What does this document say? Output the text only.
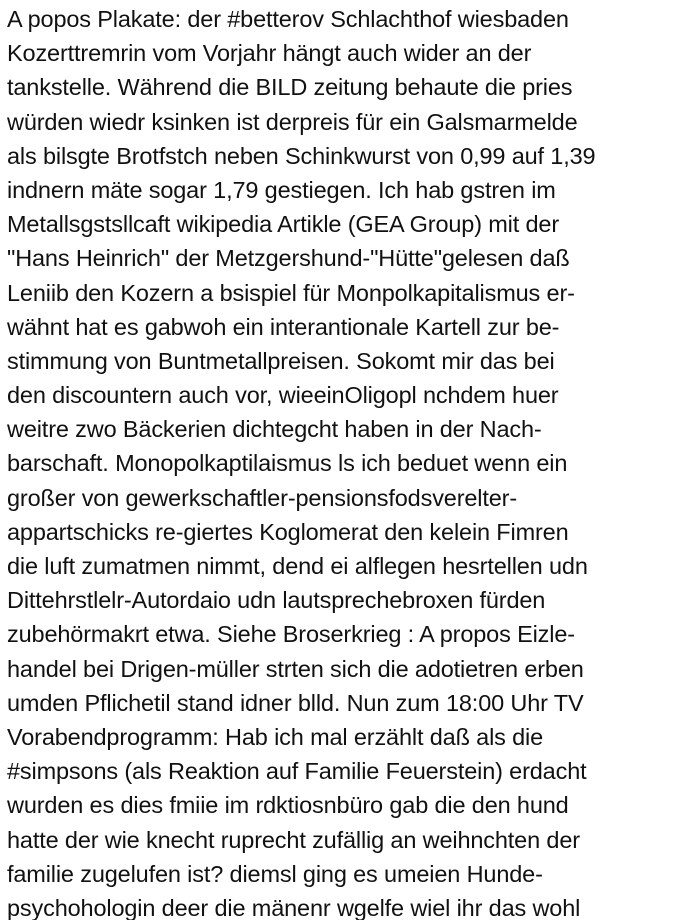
A popos Plakate: der #betterov Schlachthof wiesbaden
Kozerttremrin vom Vorjahr hängt auch wider an der
tankstelle. Während die BILD zeitung behaute die pries
würden wiedr ksinken ist derpreis für ein Galsmarmelde
als bilsgte Brotfstch neben Schinkwurst von 0,99 auf 1,39
indnern mäte sogar 1,79 gestiegen. Ich hab gstren im
Metallsgstsllcaft wikipedia Artikle (GEA Group) mit der
"Hans Heinrich" der Metzgershund-"Hütte"gelesen daß
Leniib den Kozern a bsispiel für Monpolkapitalismus er-
wähnt hat es gabwoh ein interantionale Kartell zur be-
stimmung von Buntmetallpreisen. Sokomt mir das bei
den discountern auch vor, wieeinOligopl nchdem huer
weitre zwo Bäckerien dichtegcht haben in der Nach-
barschaft. Monopolkaptilaismus ls ich beduet wenn ein
großer von gewerkschaftler-pensionsfodsverelter-
appartschicks re-giertes Koglomerat den kelein Fimren
die luft zumatmen nimmt, dend ei alflegen hesrtellen udn
Dittehrstlelr-Autordaio udn lautsprechebroxen fürden
zubehörmakrt etwa. Siehe Broserkrieg : A propos Eizle-
handel bei Drigen-müller strten sich die adotietren erben
umden Pflichetil stand idner blld. Nun zum 18:00 Uhr TV
Vorabendprogramm: Hab ich mal erzählt daß als die
#simpsons (als Reaktion auf Familie Feuerstein) erdacht
wurden es dies fmiie im rdktiosnbüro gab die den hund
hatte der wie knecht ruprecht zufällig an weihnchten der
familie zugelufen ist? diemsl ging es umeien Hunde-
psychohologin deer die mänenr wgelfe wiel ihr das wohl
